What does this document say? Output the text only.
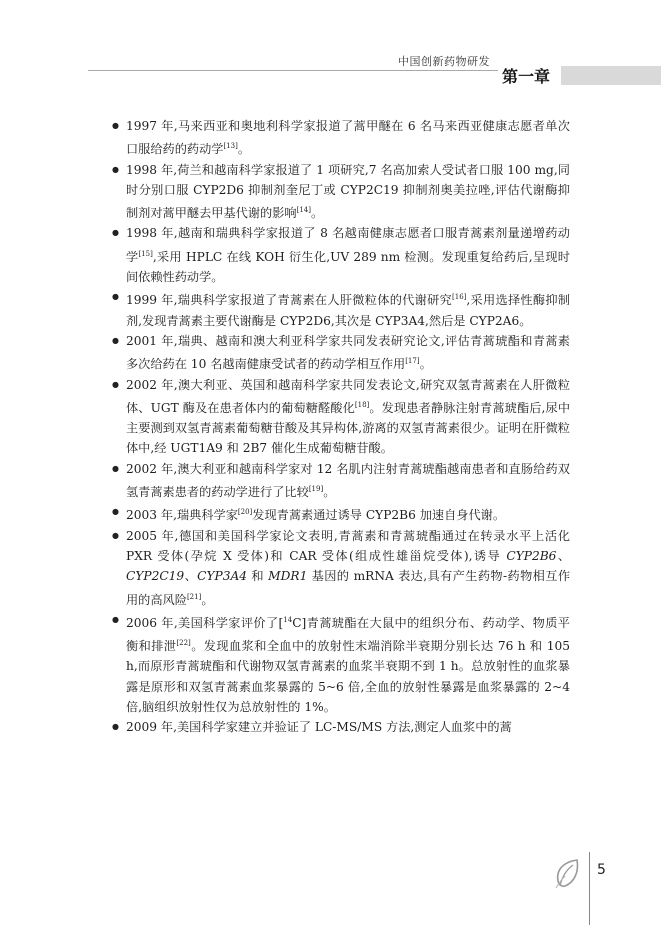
中国创新药物研发
第一章
● 1997 年,马来西亚和奥地利科学家报道了蒿甲醚在 6 名马来西亚健康志愿者单次口服给药的药动学[13]。
● 1998 年,荷兰和越南科学家报道了 1 项研究,7 名高加索人受试者口服 100 mg,同时分别口服 CYP2D6 抑制剂奎尼丁或 CYP2C19 抑制剂奥美拉唑,评估代谢酶抑制剂对蒿甲醚去甲基代谢的影响[14]。
● 1998 年,越南和瑞典科学家报道了 8 名越南健康志愿者口服青蒿素剂量递增药动学[15],采用 HPLC 在线 KOH 衍生化,UV 289 nm 检测。发现重复给药后,呈现时间依赖性药动学。
● 1999 年,瑞典科学家报道了青蒿素在人肝微粒体的代谢研究[16],采用选择性酶抑制剂,发现青蒿素主要代谢酶是 CYP2D6,其次是 CYP3A4,然后是 CYP2A6。
● 2001 年,瑞典、越南和澳大利亚科学家共同发表研究论文,评估青蒿琥酯和青蒿素多次给药在 10 名越南健康受试者的药动学相互作用[17]。
● 2002 年,澳大利亚、英国和越南科学家共同发表论文,研究双氢青蒿素在人肝微粒体、UGT 酶及在患者体内的葡萄糖醛酸化[18]。发现患者静脉注射青蒿琥酯后,尿中主要测到双氢青蒿素葡萄糖苷酸及其异构体,游离的双氢青蒿素很少。证明在肝微粒体中,经 UGT1A9 和 2B7 催化生成葡萄糖苷酸。
● 2002 年,澳大利亚和越南科学家对 12 名肌内注射青蒿琥酯越南患者和直肠给药双氢青蒿素患者的药动学进行了比较[19]。
● 2003 年,瑞典科学家[20]发现青蒿素通过诱导 CYP2B6 加速自身代谢。
● 2005 年,德国和美国科学家论文表明,青蒿素和青蒿琥酯通过在转录水平上活化 PXR 受体(孕烷 X 受体)和 CAR 受体(组成性雄甾烷受体),诱导 CYP2B6、CYP2C19、CYP3A4 和 MDR1 基因的 mRNA 表达,具有产生药物-药物相互作用的高风险[21]。
● 2006 年,美国科学家评价了[$^{14}$C]青蒿琥酯在大鼠中的组织分布、药动学、物质平衡和排泄[22]。发现血浆和全血中的放射性末端消除半衰期分别长达 76 h 和 105 h,而原形青蒿琥酯和代谢物双氢青蒿素的血浆半衰期不到 1 h。总放射性的血浆暴露是原形和双氢青蒿素血浆暴露的 5~6 倍,全血的放射性暴露是血浆暴露的 2~4 倍,脑组织放射性仅为总放射性的 1%。
● 2009 年,美国科学家建立并验证了 LC-MS/MS 方法,测定人血浆中的蒿
5
